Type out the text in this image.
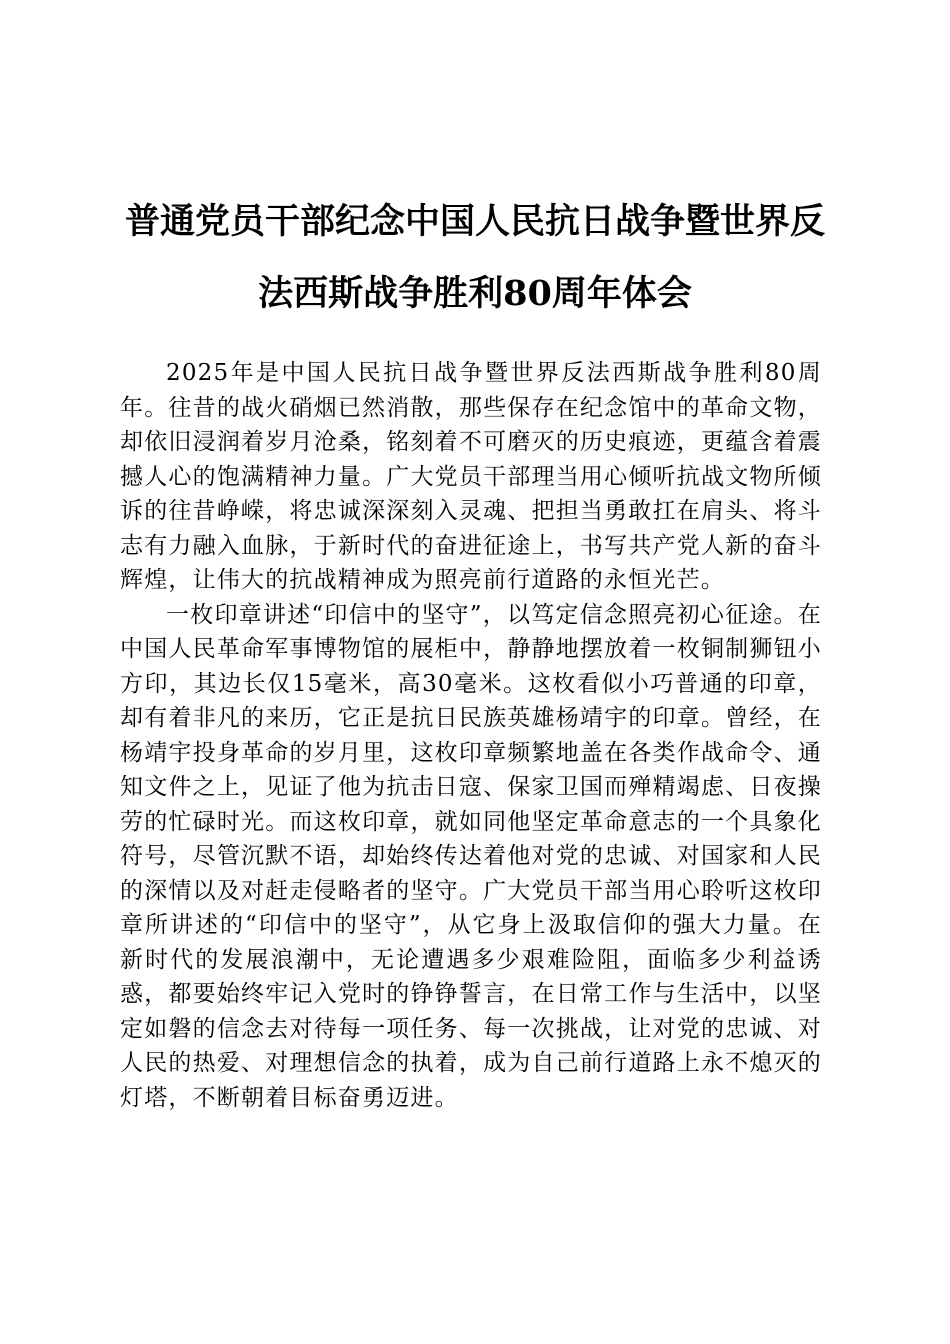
普通党员干部纪念中国人民抗日战争暨世界反
法西斯战争胜利80周年体会

2025年是中国人民抗日战争暨世界反法西斯战争胜利80周年。往昔的战火硝烟已然消散，那些保存在纪念馆中的革命文物，却依旧浸润着岁月沧桑，铭刻着不可磨灭的历史痕迹，更蕴含着震撼人心的饱满精神力量。广大党员干部理当用心倾听抗战文物所倾诉的往昔峥嵘，将忠诚深深刻入灵魂、把担当勇敢扛在肩头、将斗志有力融入血脉，于新时代的奋进征途上，书写共产党人新的奋斗辉煌，让伟大的抗战精神成为照亮前行道路的永恒光芒。

一枚印章讲述“印信中的坚守”，以笃定信念照亮初心征途。在中国人民革命军事博物馆的展柜中，静静地摆放着一枚铜制狮钮小方印，其边长仅15毫米，高30毫米。这枚看似小巧普通的印章，却有着非凡的来历，它正是抗日民族英雄杨靖宇的印章。曾经，在杨靖宇投身革命的岁月里，这枚印章频繁地盖在各类作战命令、通知文件之上，见证了他为抗击日寇、保家卫国而殚精竭虑、日夜操劳的忙碌时光。而这枚印章，就如同他坚定革命意志的一个具象化符号，尽管沉默不语，却始终传达着他对党的忠诚、对国家和人民的深情以及对赶走侵略者的坚守。广大党员干部当用心聆听这枚印章所讲述的“印信中的坚守”，从它身上汲取信仰的强大力量。在新时代的发展浪潮中，无论遭遇多少艰难险阻，面临多少利益诱惑，都要始终牢记入党时的铮铮誓言，在日常工作与生活中，以坚定如磐的信念去对待每一项任务、每一次挑战，让对党的忠诚、对人民的热爱、对理想信念的执着，成为自己前行道路上永不熄灭的灯塔，不断朝着目标奋勇迈进。
